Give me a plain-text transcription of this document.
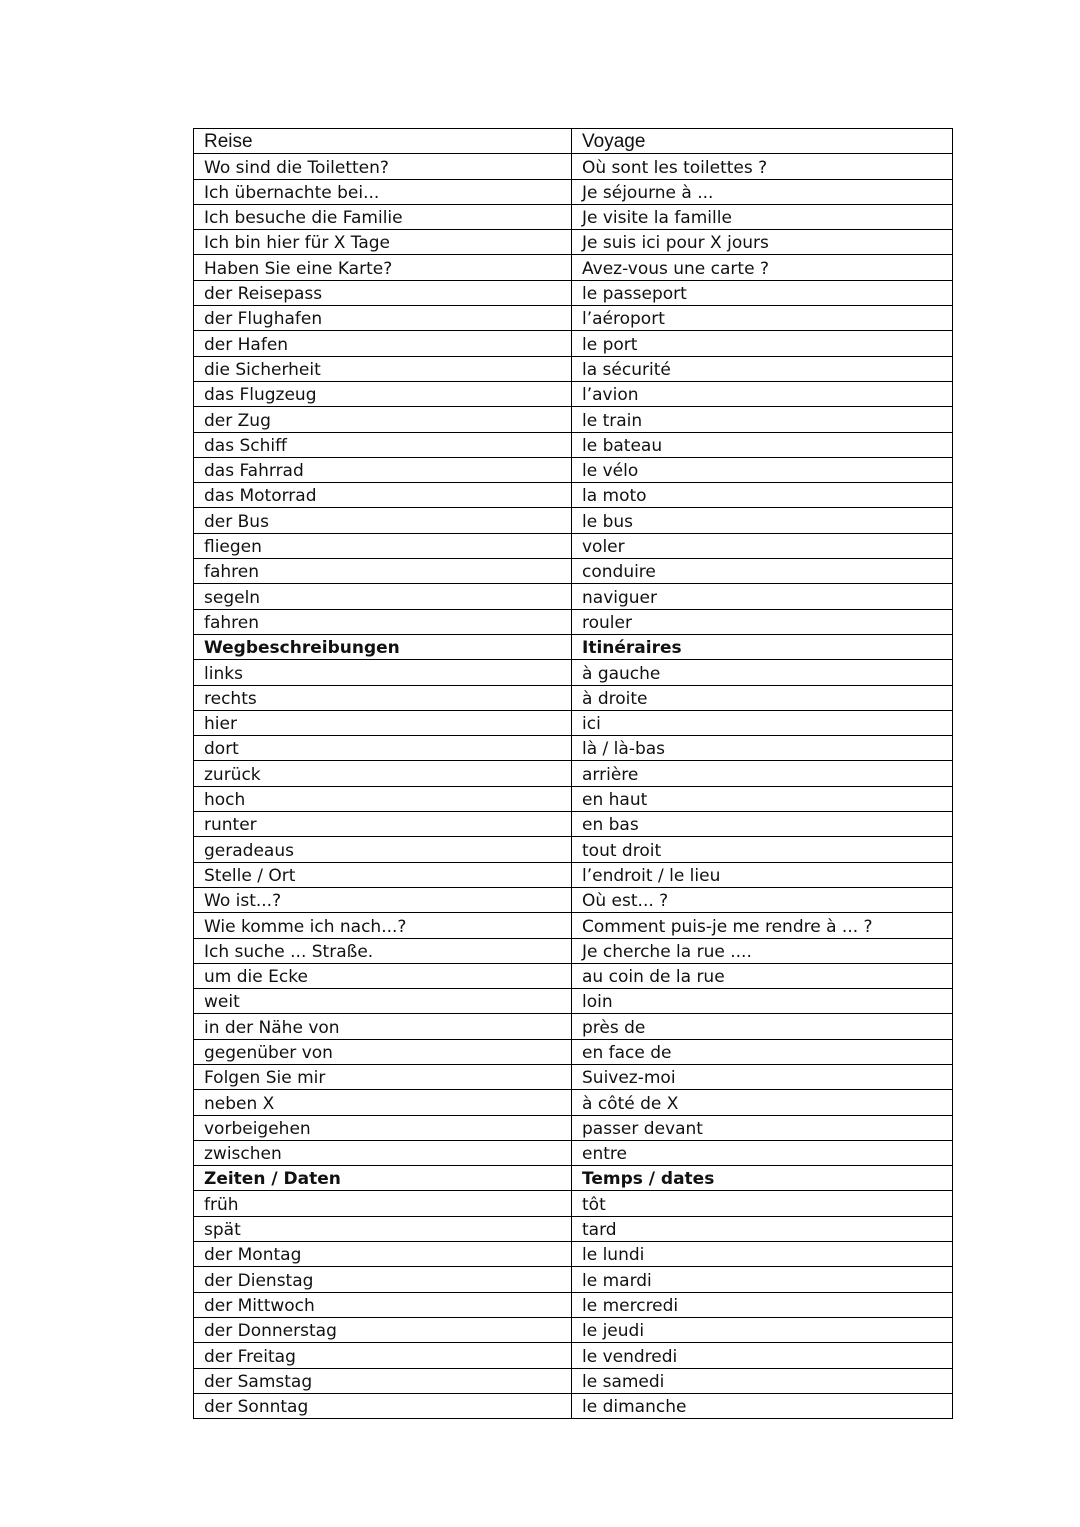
Reise	Voyage
Wo sind die Toiletten?	Où sont les toilettes ?
Ich übernachte bei...	Je séjourne à ...
Ich besuche die Familie	Je visite la famille
Ich bin hier für X Tage	Je suis ici pour X jours
Haben Sie eine Karte?	Avez-vous une carte ?
der Reisepass	le passeport
der Flughafen	l’aéroport
der Hafen	le port
die Sicherheit	la sécurité
das Flugzeug	l’avion
der Zug	le train
das Schiff	le bateau
das Fahrrad	le vélo
das Motorrad	la moto
der Bus	le bus
fliegen	voler
fahren	conduire
segeln	naviguer
fahren	rouler
Wegbeschreibungen	Itinéraires
links	à gauche
rechts	à droite
hier	ici
dort	là / là-bas
zurück	arrière
hoch	en haut
runter	en bas
geradeaus	tout droit
Stelle / Ort	l’endroit / le lieu
Wo ist...?	Où est... ?
Wie komme ich nach...?	Comment puis-je me rendre à ... ?
Ich suche ... Straße.	Je cherche la rue ....
um die Ecke	au coin de la rue
weit	loin
in der Nähe von	près de
gegenüber von	en face de
Folgen Sie mir	Suivez-moi
neben X	à côté de X
vorbeigehen	passer devant
zwischen	entre
Zeiten / Daten	Temps / dates
früh	tôt
spät	tard
der Montag	le lundi
der Dienstag	le mardi
der Mittwoch	le mercredi
der Donnerstag	le jeudi
der Freitag	le vendredi
der Samstag	le samedi
der Sonntag	le dimanche
